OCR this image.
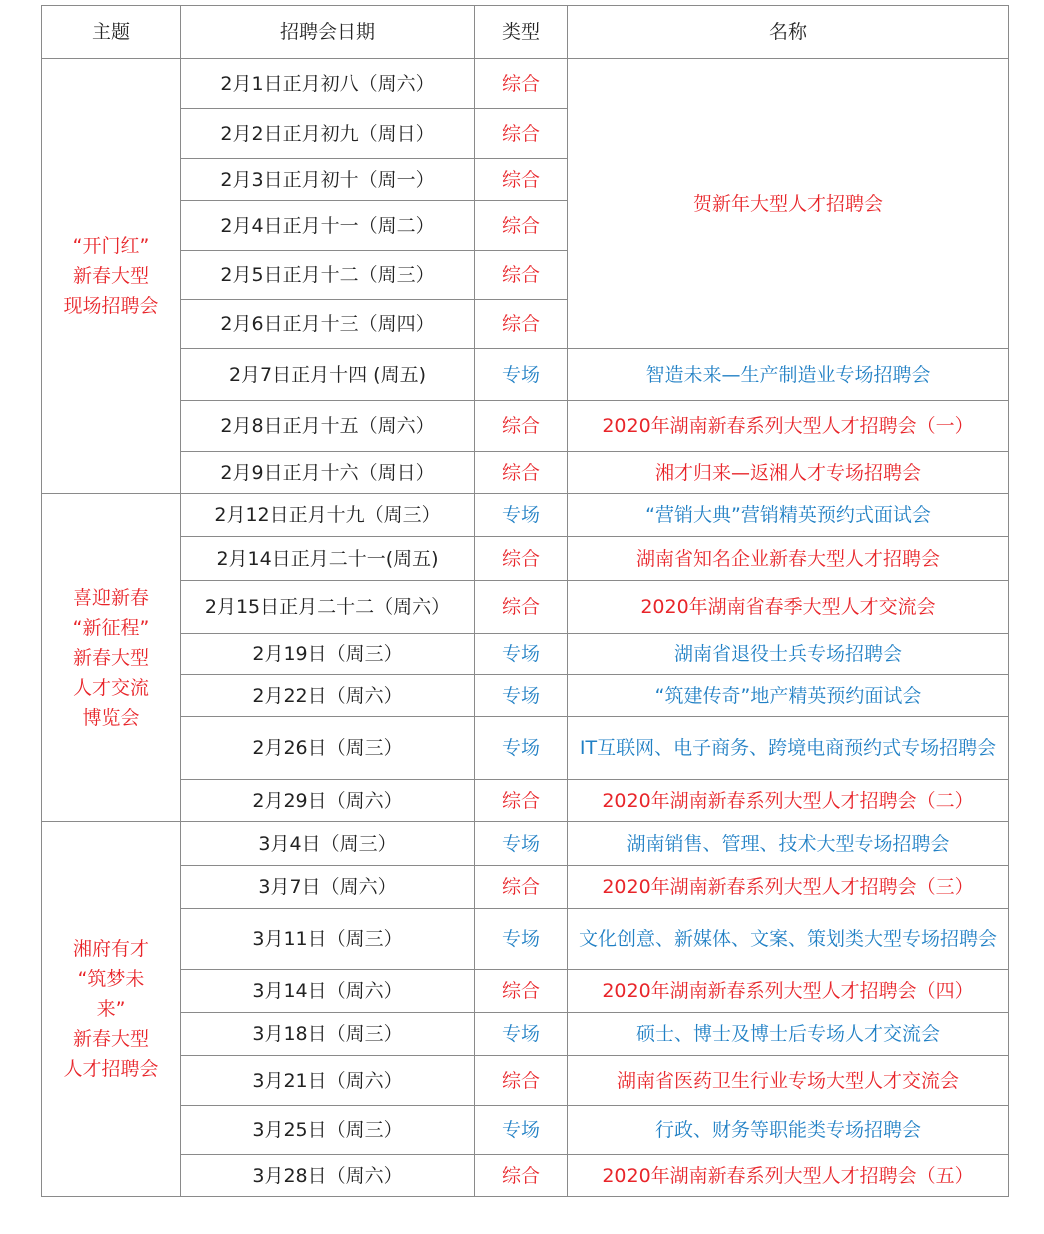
主题	招聘会日期	类型	名称
“开门红”
新春大型
现场招聘会	2月1日正月初八（周六）	综合	贺新年大型人才招聘会
	2月2日正月初九（周日）	综合	
	2月3日正月初十（周一）	综合	
	2月4日正月十一（周二）	综合	
	2月5日正月十二（周三）	综合	
	2月6日正月十三（周四）	综合	
	2月7日正月十四 (周五)	专场	智造未来—生产制造业专场招聘会
	2月8日正月十五（周六）	综合	2020年湖南新春系列大型人才招聘会（一）
	2月9日正月十六（周日）	综合	湘才归来—返湘人才专场招聘会
喜迎新春
“新征程”
新春大型
人才交流
博览会	2月12日正月十九（周三）	专场	“营销大典”营销精英预约式面试会
	2月14日正月二十一(周五)	综合	湖南省知名企业新春大型人才招聘会
	2月15日正月二十二（周六）	综合	2020年湖南省春季大型人才交流会
	2月19日（周三）	专场	湖南省退役士兵专场招聘会
	2月22日（周六）	专场	“筑建传奇”地产精英预约面试会
	2月26日（周三）	专场	IT互联网、电子商务、跨境电商预约式专场招聘会
	2月29日（周六）	综合	2020年湖南新春系列大型人才招聘会（二）
湘府有才
“筑梦未
来”
新春大型
人才招聘会	3月4日（周三）	专场	湖南销售、管理、技术大型专场招聘会
	3月7日（周六）	综合	2020年湖南新春系列大型人才招聘会（三）
	3月11日（周三）	专场	文化创意、新媒体、文案、策划类大型专场招聘会
	3月14日（周六）	综合	2020年湖南新春系列大型人才招聘会（四）
	3月18日（周三）	专场	硕士、博士及博士后专场人才交流会
	3月21日（周六）	综合	湖南省医药卫生行业专场大型人才交流会
	3月25日（周三）	专场	行政、财务等职能类专场招聘会
	3月28日（周六）	综合	2020年湖南新春系列大型人才招聘会（五）
